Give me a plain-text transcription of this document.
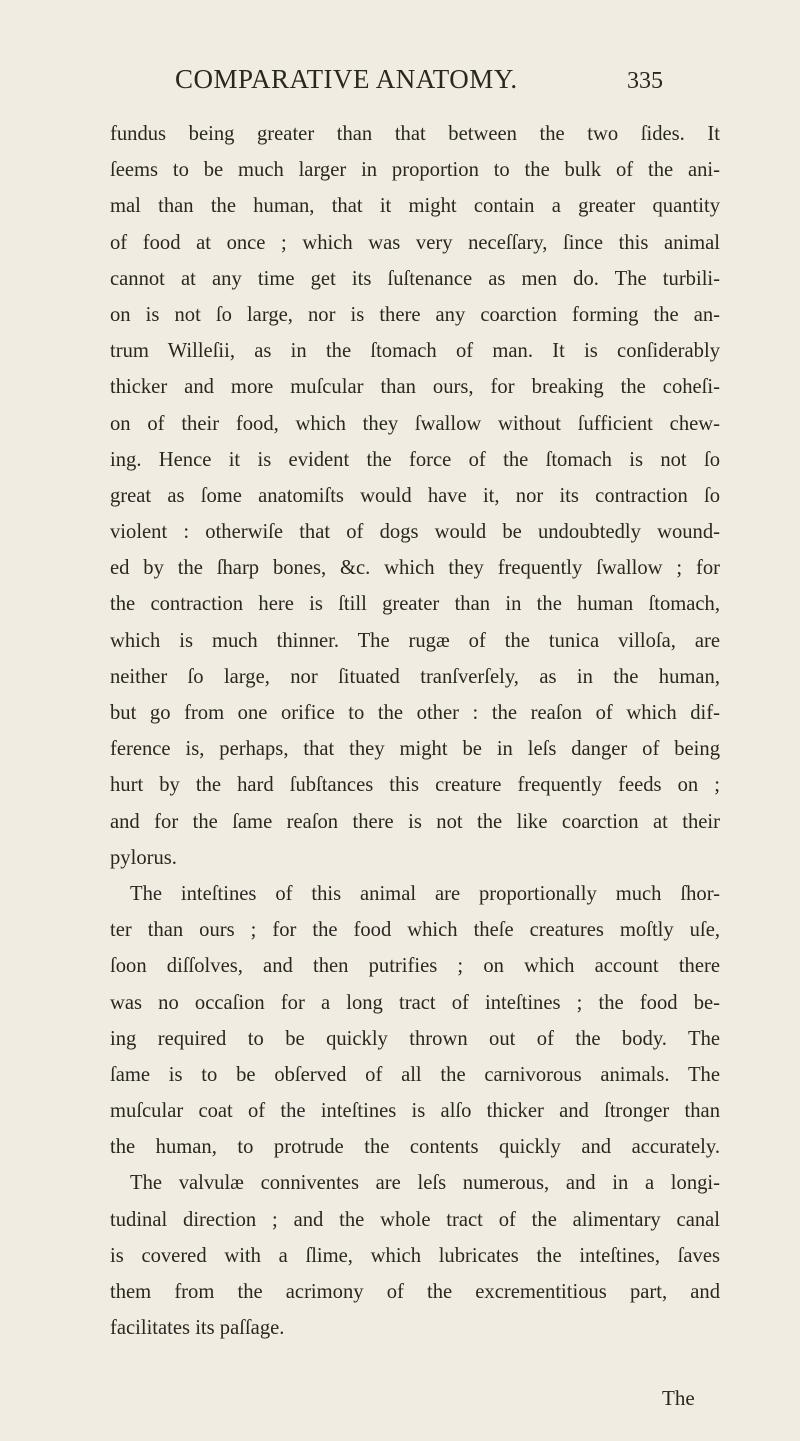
COMPARATIVE ANATOMY.	335
fundus being greater than that between the two ſides. It
ſeems to be much larger in proportion to the bulk of the ani-
mal than the human, that it might contain a greater quantity
of food at once ; which was very neceſſary, ſince this animal
cannot at any time get its ſuſtenance as men do. The turbili-
on is not ſo large, nor is there any coarction forming the an-
trum Willeſii, as in the ſtomach of man. It is conſiderably
thicker and more muſcular than ours, for breaking the coheſi-
on of their food, which they ſwallow without ſufficient chew-
ing. Hence it is evident the force of the ſtomach is not ſo
great as ſome anatomiſts would have it, nor its contraction ſo
violent : otherwiſe that of dogs would be undoubtedly wound-
ed by the ſharp bones, &c. which they frequently ſwallow ; for
the contraction here is ſtill greater than in the human ſtomach,
which is much thinner. The rugæ of the tunica villoſa, are
neither ſo large, nor ſituated tranſverſely, as in the human,
but go from one orifice to the other : the reaſon of which dif-
ference is, perhaps, that they might be in leſs danger of being
hurt by the hard ſubſtances this creature frequently feeds on ;
and for the ſame reaſon there is not the like coarction at their
pylorus.
The inteſtines of this animal are proportionally much ſhor-
ter than ours ; for the food which theſe creatures moſtly uſe,
ſoon diſſolves, and then putrifies ; on which account there
was no occaſion for a long tract of inteſtines ; the food be-
ing required to be quickly thrown out of the body. The
ſame is to be obſerved of all the carnivorous animals. The
muſcular coat of the inteſtines is alſo thicker and ſtronger than
the human, to protrude the contents quickly and accurately.
The valvulæ conniventes are leſs numerous, and in a longi-
tudinal direction ; and the whole tract of the alimentary canal
is covered with a ſlime, which lubricates the inteſtines, ſaves
them from the acrimony of the excrementitious part, and
facilitates its paſſage.
The
